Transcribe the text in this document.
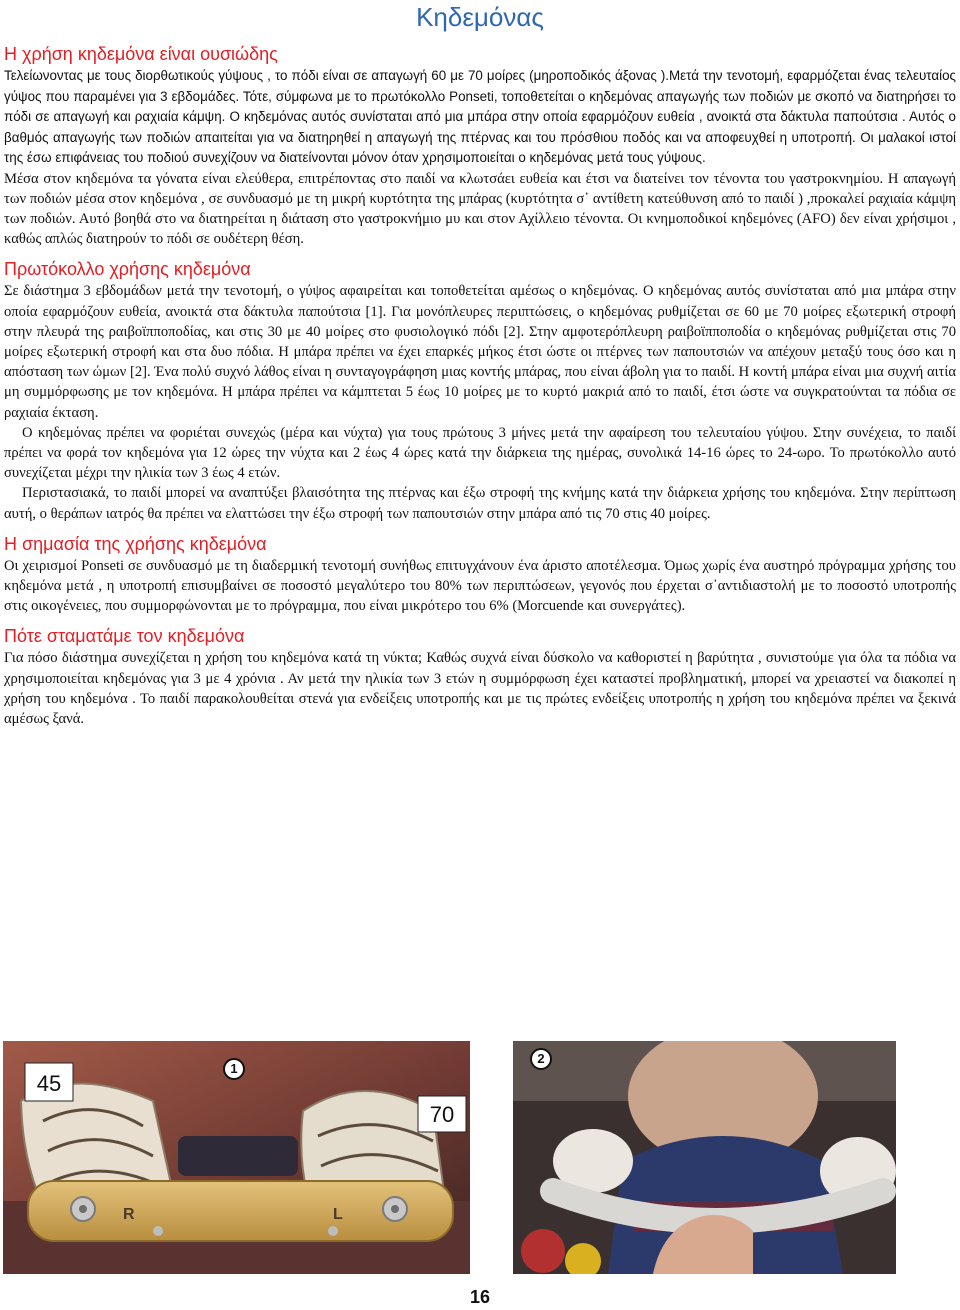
Κηδεμόνας
Η χρήση κηδεμόνα είναι ουσιώδης

Τελείωνοντας με τους διορθωτικούς γύψους , το πόδι είναι σε απαγωγή 60 με 70 μοίρες (μηροποδικός άξονας ).Μετά την τενοτομή, εφαρμόζεται ένας τελευταίος γύψος που παραμένει για 3 εβδομάδες. Τότε, σύμφωνα με το πρωτόκολλο Ponseti, τοποθετείται ο κηδεμόνας απαγωγής των ποδιών με σκοπό να διατηρήσει το πόδι σε απαγωγή και ραχιαία κάμψη. Ο κηδεμόνας αυτός συνίσταται από μια μπάρα στην οποία εφαρμόζουν ευθεία , ανοικτά στα δάκτυλα παπούτσια . Αυτός ο βαθμός απαγωγής των ποδιών απαιτείται για να διατηρηθεί η απαγωγή της πτέρνας και του πρόσθιου ποδός και να αποφευχθεί η υποτροπή. Οι μαλακοί ιστοί της έσω επιφάνειας του ποδιού συνεχίζουν να διατείνονται μόνον όταν χρησιμοποιείται ο κηδεμόνας μετά τους γύψους.

Μέσα στον κηδεμόνα τα γόνατα είναι ελεύθερα, επιτρέποντας στο παιδί να κλωτσάει ευθεία και έτσι να διατείνει τον τένοντα του γαστροκνημίου. Η απαγωγή των ποδιών μέσα στον κηδεμόνα , σε συνδυασμό με τη μικρή κυρτότητα της μπάρας (κυρτότητα σ᾽ αντίθετη κατεύθυνση από το παιδί ) ,προκαλεί ραχιαία κάμψη των ποδιών. Αυτό βοηθά στο να διατηρείται η διάταση στο γαστροκνήμιο μυ και στον Αχίλλειο τένοντα. Οι κνημοποδικοί κηδεμόνες (AFO) δεν είναι χρήσιμοι , καθώς απλώς διατηρούν το πόδι σε ουδέτερη θέση.

Πρωτόκολλο χρήσης κηδεμόνα

Σε διάστημα 3 εβδομάδων μετά την τενοτομή, ο γύψος αφαιρείται και τοποθετείται αμέσως ο κηδεμόνας. Ο κηδεμόνας αυτός συνίσταται από μια μπάρα στην οποία εφαρμόζουν ευθεία, ανοικτά στα δάκτυλα παπούτσια [1]. Για μονόπλευρες περιπτώσεις, ο κηδεμόνας ρυθμίζεται σε 60 με 70 μοίρες εξωτερική στροφή στην πλευρά της ραιβοϊπποποδίας, και στις 30 με 40 μοίρες στο φυσιολογικό πόδι [2]. Στην αμφοτερόπλευρη ραιβοϊπποποδία ο κηδεμόνας ρυθμίζεται στις 70 μοίρες εξωτερική στροφή και στα δυο πόδια. Η μπάρα πρέπει να έχει επαρκές μήκος έτσι ώστε οι πτέρνες των παπουτσιών να απέχουν μεταξύ τους όσο και η απόσταση των ώμων [2]. Ένα πολύ συχνό λάθος είναι η συνταγογράφηση μιας κοντής μπάρας, που είναι άβολη για το παιδί. Η κοντή μπάρα είναι μια συχνή αιτία μη συμμόρφωσης με τον κηδεμόνα. Η μπάρα πρέπει να κάμπτεται 5 έως 10 μοίρες με το κυρτό μακριά από το παιδί, έτσι ώστε να συγκρατούνται τα πόδια σε ραχιαία έκταση.

Ο κηδεμόνας πρέπει να φοριέται συνεχώς (μέρα και νύχτα) για τους πρώτους 3 μήνες μετά την αφαίρεση του τελευταίου γύψου. Στην συνέχεια, το παιδί πρέπει να φορά τον κηδεμόνα για 12 ώρες την νύχτα και 2 έως 4 ώρες κατά την διάρκεια της ημέρας, συνολικά 14-16 ώρες το 24-ωρο. Το πρωτόκολλο αυτό συνεχίζεται μέχρι την ηλικία των 3 έως 4 ετών.

Περιστασιακά, το παιδί μπορεί να αναπτύξει βλαισότητα της πτέρνας και έξω στροφή της κνήμης κατά την διάρκεια χρήσης του κηδεμόνα. Στην περίπτωση αυτή, ο θεράπων ιατρός θα πρέπει να ελαττώσει την έξω στροφή των παπουτσιών στην μπάρα από τις 70 στις 40 μοίρες.

Η σημασία της χρήσης κηδεμόνα

Οι χειρισμοί Ponseti σε συνδυασμό με τη διαδερμική τενοτομή συνήθως επιτυγχάνουν ένα άριστο αποτέλεσμα. Όμως χωρίς ένα αυστηρό πρόγραμμα χρήσης του κηδεμόνα μετά , η υποτροπή επισυμβαίνει σε ποσοστό μεγαλύτερο του 80% των περιπτώσεων, γεγονός που έρχεται σ᾽αντιδιαστολή με το ποσοστό υποτροπής στις οικογένειες, που συμμορφώνονται με το πρόγραμμα, που είναι μικρότερο του 6% (Morcuende και συνεργάτες).

Πότε σταματάμε τον κηδεμόνα

Για πόσο διάστημα συνεχίζεται η χρήση του κηδεμόνα κατά τη νύκτα; Καθώς συχνά είναι δύσκολο να καθοριστεί η βαρύτητα , συνιστούμε για όλα τα πόδια να χρησιμοποιείται κηδεμόνας για 3 με 4 χρόνια . Αν μετά την ηλικία των 3 ετών η συμμόρφωση έχει καταστεί προβληματική, μπορεί να χρειαστεί να διακοπεί η χρήση του κηδεμόνα . Το παιδί παρακολουθείται στενά για ενδείξεις υποτροπής και με τις πρώτες ενδείξεις υποτροπής η χρήση του κηδεμόνα πρέπει να ξεκινά αμέσως ξανά.

45
70
R	L
1
2
16
